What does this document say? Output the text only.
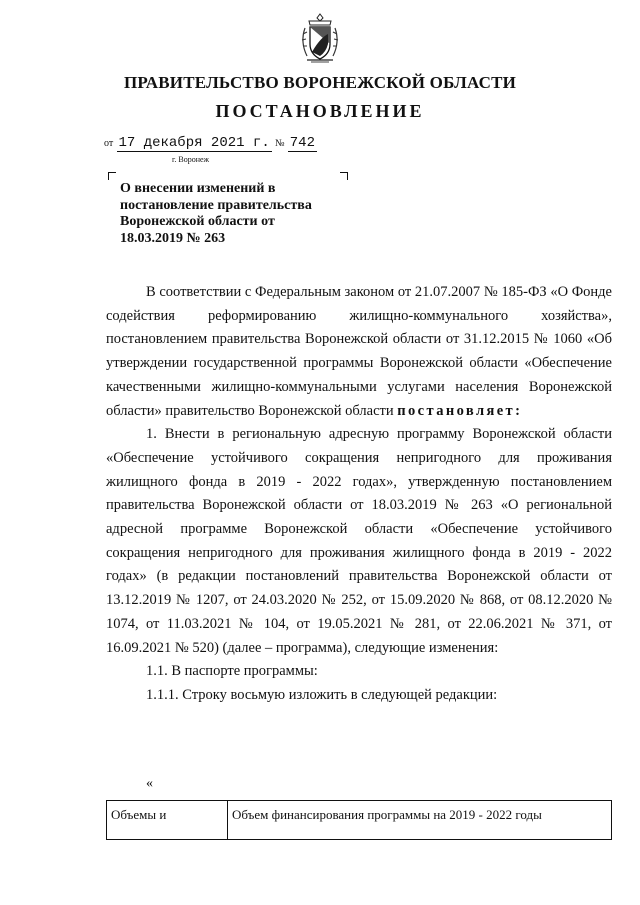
ПРАВИТЕЛЬСТВО ВОРОНЕЖСКОЙ ОБЛАСТИ
ПОСТАНОВЛЕНИЕ
от 17 декабря 2021 г. № 742
г. Воронеж
О внесении изменений в
постановление правительства
Воронежской области от
18.03.2019 № 263

В соответствии с Федеральным законом от 21.07.2007 № 185-ФЗ «О Фонде содействия реформированию жилищно-коммунального хозяйства», постановлением правительства Воронежской области от 31.12.2015 № 1060 «Об утверждении государственной программы Воронежской области «Обеспечение качественными жилищно-коммунальными услугами населения Воронежской области» правительство Воронежской области постановляет:

1. Внести в региональную адресную программу Воронежской области «Обеспечение устойчивого сокращения непригодного для проживания жилищного фонда в 2019 - 2022 годах», утвержденную постановлением правительства Воронежской области от 18.03.2019 № 263 «О региональной адресной программе Воронежской области «Обеспечение устойчивого сокращения непригодного для проживания жилищного фонда в 2019 - 2022 годах» (в редакции постановлений правительства Воронежской области от 13.12.2019 № 1207, от 24.03.2020 № 252, от 15.09.2020 № 868, от 08.12.2020 № 1074, от 11.03.2021 № 104, от 19.05.2021 № 281, от 22.06.2021 № 371, от 16.09.2021 № 520) (далее – программа), следующие изменения:

1.1. В паспорте программы:

1.1.1. Строку восьмую изложить в следующей редакции:

«
Объемы и	Объем финансирования программы на 2019 - 2022 годы
